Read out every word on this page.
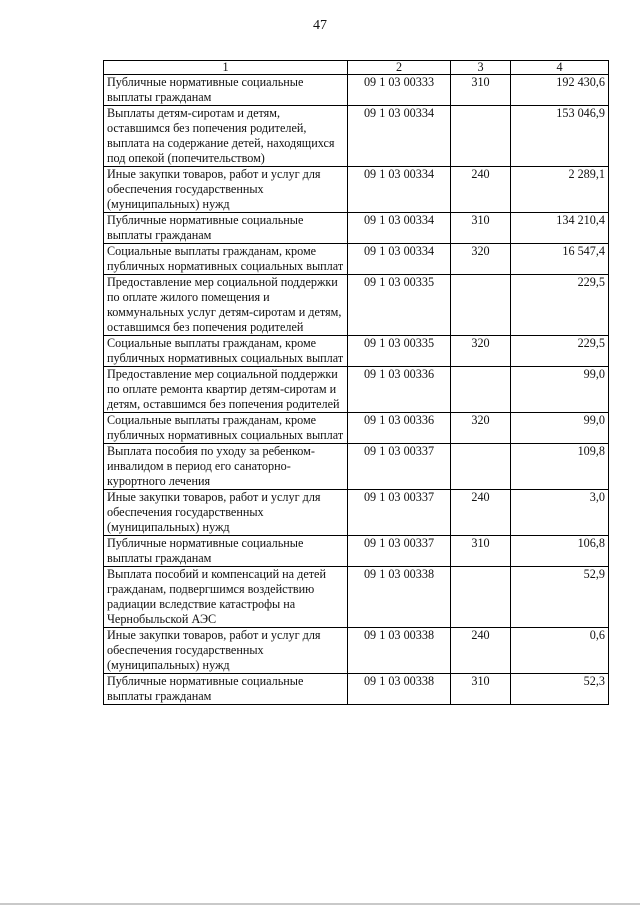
47
1	2	3	4
Публичные нормативные социальные выплаты гражданам	09 1 03 00333	310	192 430,6
Выплаты детям-сиротам и детям, оставшимся без попечения родителей, выплата на содержание детей, находящихся под опекой (попечительством)	09 1 03 00334		153 046,9
Иные закупки товаров, работ и услуг для обеспечения государственных (муниципальных) нужд	09 1 03 00334	240	2 289,1
Публичные нормативные социальные выплаты гражданам	09 1 03 00334	310	134 210,4
Социальные выплаты гражданам, кроме публичных нормативных социальных выплат	09 1 03 00334	320	16 547,4
Предоставление мер социальной поддержки по оплате жилого помещения и коммунальных услуг детям-сиротам и детям, оставшимся без попечения родителей	09 1 03 00335		229,5
Социальные выплаты гражданам, кроме публичных нормативных социальных выплат	09 1 03 00335	320	229,5
Предоставление мер социальной поддержки по оплате ремонта квартир детям-сиротам и детям, оставшимся без попечения родителей	09 1 03 00336		99,0
Социальные выплаты гражданам, кроме публичных нормативных социальных выплат	09 1 03 00336	320	99,0
Выплата пособия по уходу за ребенком-инвалидом в период его санаторно-курортного лечения	09 1 03 00337		109,8
Иные закупки товаров, работ и услуг для обеспечения государственных (муниципальных) нужд	09 1 03 00337	240	3,0
Публичные нормативные социальные выплаты гражданам	09 1 03 00337	310	106,8
Выплата пособий и компенсаций на детей гражданам, подвергшимся воздействию радиации вследствие катастрофы на Чернобыльской АЭС	09 1 03 00338		52,9
Иные закупки товаров, работ и услуг для обеспечения государственных (муниципальных) нужд	09 1 03 00338	240	0,6
Публичные нормативные социальные выплаты гражданам	09 1 03 00338	310	52,3
